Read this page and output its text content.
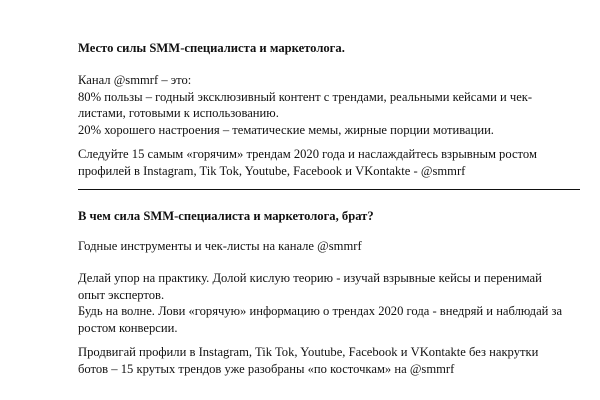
Место силы SMM-специалиста и маркетолога.
Канал @smmrf – это:
80% пользы – годный эксклюзивный контент с трендами, реальными кейсами и чек-
листами, готовыми к использованию.
20% хорошего настроения – тематические мемы, жирные порции мотивации.
Следуйте 15 самым «горячим» трендам 2020 года и наслаждайтесь взрывным ростом
профилей в Instagram, Tik Tok, Youtube, Facebook и VKontakte - @smmrf
В чем сила SMM-специалиста и маркетолога, брат?
Годные инструменты и чек-листы на канале @smmrf
Делай упор на практику. Долой кислую теорию - изучай взрывные кейсы и перенимай
опыт экспертов.
Будь на волне. Лови «горячую» информацию о трендах 2020 года - внедряй и наблюдай за
ростом конверсии.
Продвигай профили в Instagram, Tik Tok, Youtube, Facebook и VKontakte без накрутки
ботов – 15 крутых трендов уже разобраны «по косточкам» на @smmrf
